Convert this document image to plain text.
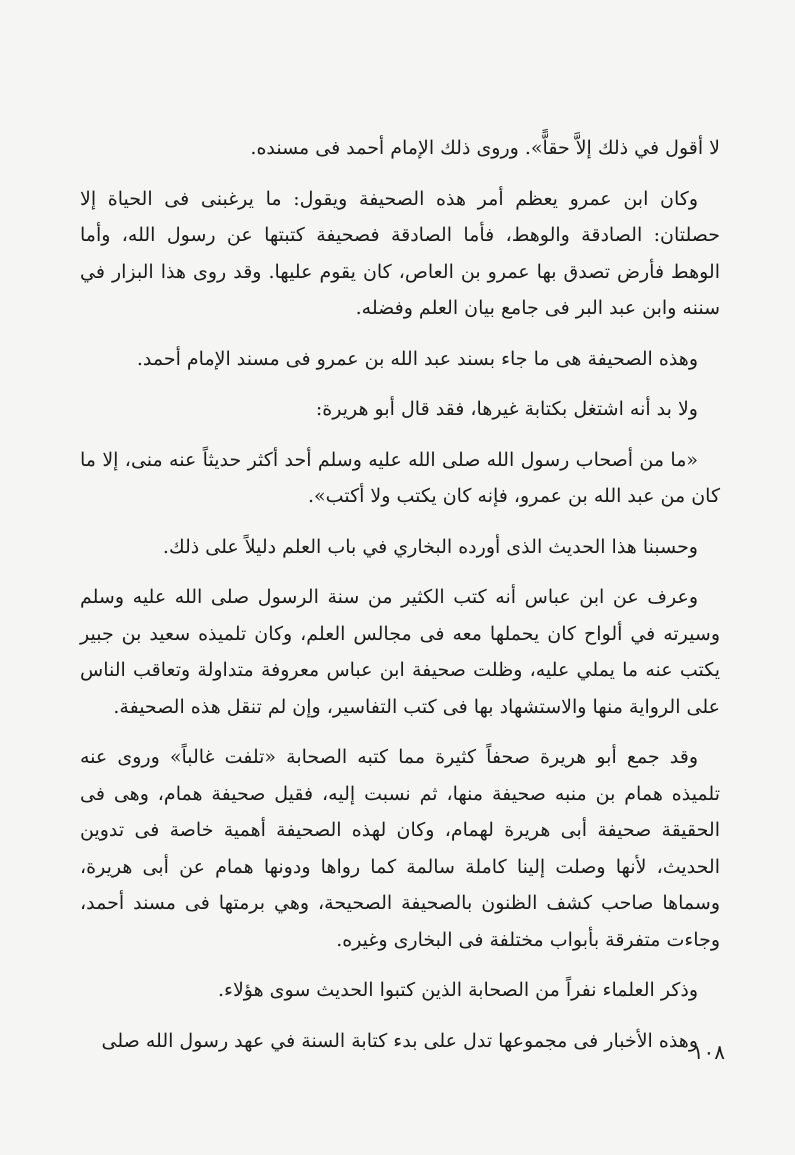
لا أقول في ذلك إلاَّ حقاًّ». وروى ذلك الإمام أحمد فى مسنده.

وكان ابن عمرو يعظم أمر هذه الصحيفة ويقول: ما يرغبنى فى الحياة إلا حصلتان: الصادقة والوهط، فأما الصادقة فصحيفة كتبتها عن رسول الله، وأما الوهط فأرض تصدق بها عمرو بن العاص، كان يقوم عليها. وقد روى هذا البزار في سننه وابن عبد البر فى جامع بيان العلم وفضله.

وهذه الصحيفة هى ما جاء بسند عبد الله بن عمرو فى مسند الإمام أحمد.

ولا بد أنه اشتغل بكتابة غيرها، فقد قال أبو هريرة:

«ما من أصحاب رسول الله صلى الله عليه وسلم أحد أكثر حديثاً عنه منى، إلا ما كان من عبد الله بن عمرو، فإنه كان يكتب ولا أكتب».

وحسبنا هذا الحديث الذى أورده البخاري في باب العلم دليلاً على ذلك.

وعرف عن ابن عباس أنه كتب الكثير من سنة الرسول صلى الله عليه وسلم وسيرته في ألواح كان يحملها معه فى مجالس العلم، وكان تلميذه سعيد بن جبير يكتب عنه ما يملي عليه، وظلت صحيفة ابن عباس معروفة متداولة وتعاقب الناس على الرواية منها والاستشهاد بها فى كتب التفاسير، وإن لم تنقل هذه الصحيفة.

وقد جمع أبو هريرة صحفاً كثيرة مما كتبه الصحابة «تلفت غالباً» وروى عنه تلميذه همام بن منبه صحيفة منها، ثم نسبت إليه، فقيل صحيفة همام، وهى فى الحقيقة صحيفة أبى هريرة لهمام، وكان لهذه الصحيفة أهمية خاصة فى تدوين الحديث، لأنها وصلت إلينا كاملة سالمة كما رواها ودونها همام عن أبى هريرة، وسماها صاحب كشف الظنون بالصحيفة الصحيحة، وهي برمتها فى مسند أحمد، وجاءت متفرقة بأبواب مختلفة فى البخارى وغيره.

وذكر العلماء نفراً من الصحابة الذين كتبوا الحديث سوى هؤلاء.

وهذه الأخبار فى مجموعها تدل على بدء كتابة السنة في عهد رسول الله صلى

١٠٨
